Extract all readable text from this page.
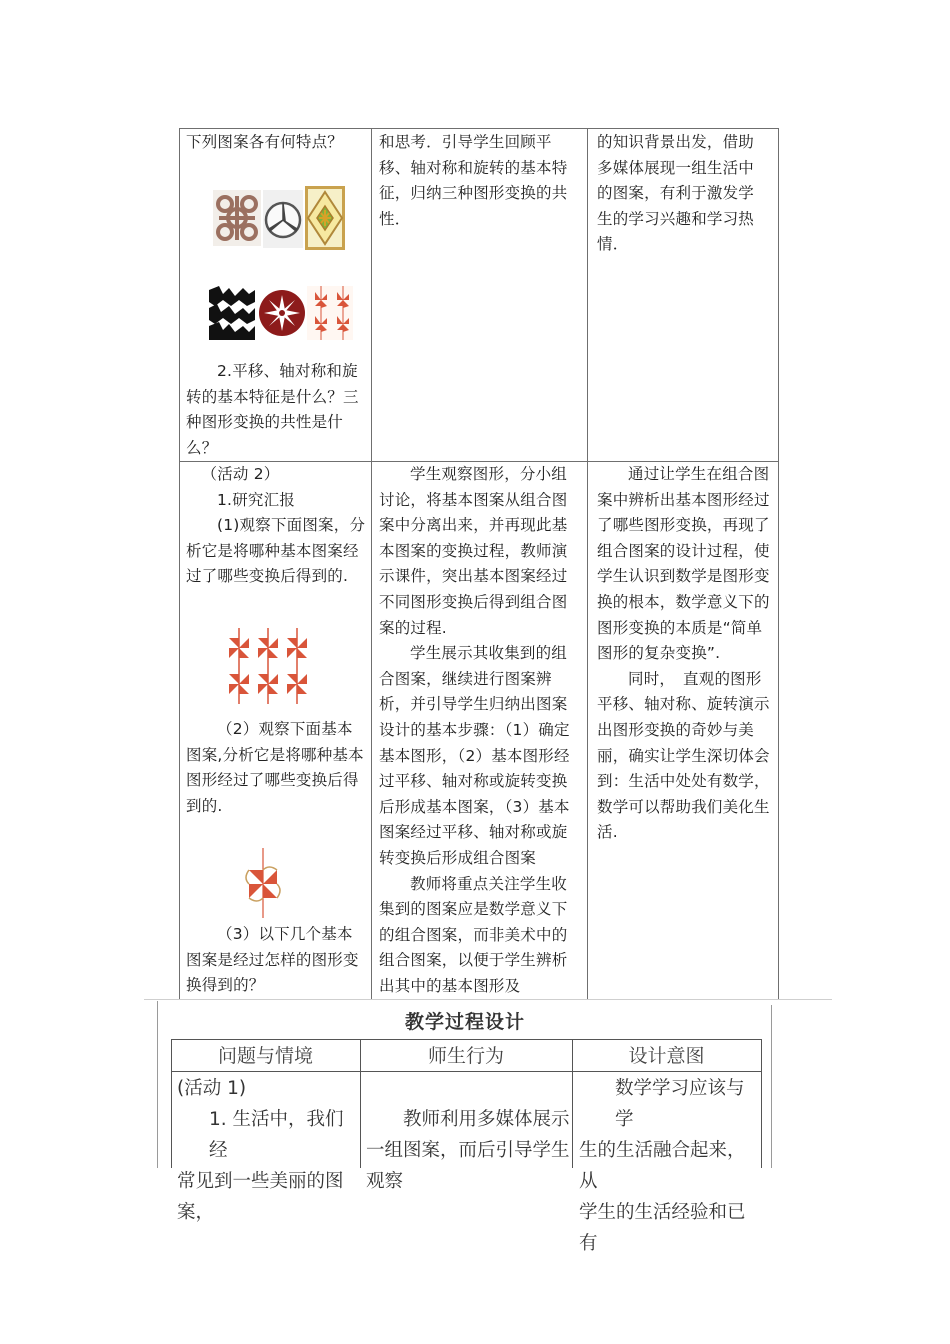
下列图案各有何特点？

2.平移、轴对称和旋转的基本特征是什么？三种图形变换的共性是什么？

和思考．引导学生回顾平移、轴对称和旋转的基本特征，归纳三种图形变换的共性．

的知识背景出发，借助多媒体展现一组生活中的图案，有利于激发学生的学习兴趣和学习热情．

（活动 2）

1.研究汇报

(1)观察下面图案，分析它是将哪种基本图案经过了哪些变换后得到的.

（2）观察下面基本图案,分析它是将哪种基本图形经过了哪些变换后得到的.

（3）以下几个基本图案是经过怎样的图形变换得到的？

学生观察图形，分小组讨论，将基本图案从组合图案中分离出来，并再现此基本图案的变换过程，教师演示课件，突出基本图案经过不同图形变换后得到组合图案的过程.

学生展示其收集到的组合图案，继续进行图案辨析，并引导学生归纳出图案设计的基本步骤：（1）确定基本图形，（2）基本图形经过平移、轴对称或旋转变换后形成基本图案，（3）基本图案经过平移、轴对称或旋转变换后形成组合图案

教师将重点关注学生收集到的图案应是数学意义下的组合图案，而非美术中的组合图案，以便于学生辨析出其中的基本图形及

通过让学生在组合图案中辨析出基本图形经过了哪些图形变换，再现了组合图案的设计过程，使学生认识到数学是图形变换的根本，数学意义下的图形变换的本质是“简单图形的复杂变换”.

同时，　直观的图形平移、轴对称、旋转演示出图形变换的奇妙与美丽，确实让学生深切体会到：生活中处处有数学，数学可以帮助我们美化生活.

教学过程设计
问题与情境	师生行为	设计意图
(活动 1)
1. 生活中，我们经
常见到一些美丽的图案，
教师利用多媒体展示一组图案，而后引导学生观察
数学学习应该与学
生的生活融合起来，从
学生的生活经验和已有
